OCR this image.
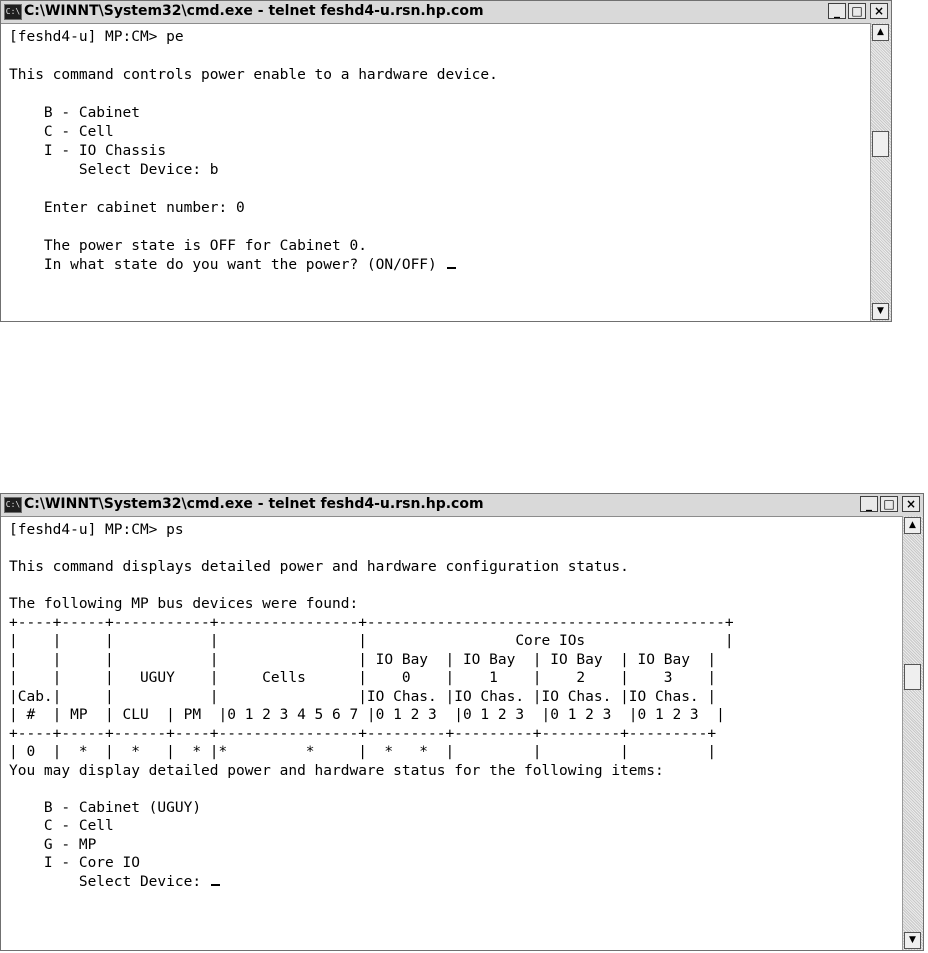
C:\ C:\WINNT\System32\cmd.exe - telnet feshd4-u.rsn.hp.com	_ □ ×
[feshd4-u] MP:CM> pe

This command controls power enable to a hardware device.

B - Cabinet
C - Cell
I - IO Chassis
Select Device: b

Enter cabinet number: 0

The power state is OFF for Cabinet 0.
In what state do you want the power? (ON/OFF)
▲
▼
C:\ C:\WINNT\System32\cmd.exe - telnet feshd4-u.rsn.hp.com	_ □ ×
[feshd4-u] MP:CM> ps

This command displays detailed power and hardware configuration status.

The following MP bus devices were found:
+----+-----+-----------+----------------+-----------------------------------------+
|    |     |           |                |                 Core IOs                |
|    |     |           |                | IO Bay  | IO Bay  | IO Bay  | IO Bay  |
|    |     |   UGUY    |     Cells      |    0    |    1    |    2    |    3    |
|Cab.|     |           |                |IO Chas. |IO Chas. |IO Chas. |IO Chas. |
| #  | MP  | CLU  | PM  |0 1 2 3 4 5 6 7 |0 1 2 3  |0 1 2 3  |0 1 2 3  |0 1 2 3  |
+----+-----+------+----+----------------+---------+---------+---------+---------+
| 0  |  *  |  *   |  * |*         *     |  *   *  |         |         |         |
You may display detailed power and hardware status for the following items:

B - Cabinet (UGUY)
C - Cell
G - MP
I - Core IO
Select Device:
▲
▼
